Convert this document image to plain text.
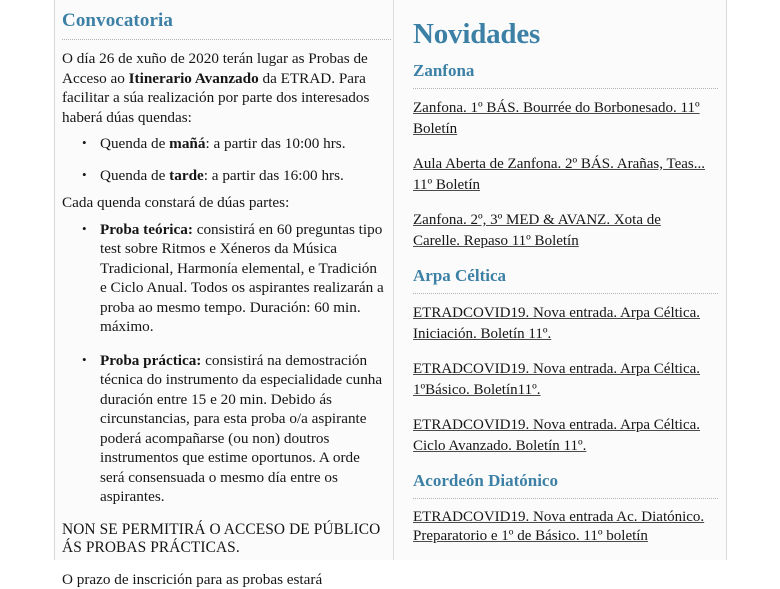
Convocatoria

O día 26 de xuño de 2020 terán lugar as Probas de Acceso ao Itinerario Avanzado da ETRAD. Para facilitar a súa realización por parte dos interesados haberá dúas quendas:

• Quenda de mañá: a partir das 10:00 hrs.
• Quenda de tarde: a partir das 16:00 hrs.

Cada quenda constará de dúas partes:

• Proba teórica: consistirá en 60 preguntas tipo test sobre Ritmos e Xéneros da Música Tradicional, Harmonía elemental, e Tradición e Ciclo Anual. Todos os aspirantes realizarán a proba ao mesmo tempo. Duración: 60 min. máximo.
• Proba práctica: consistirá na demostración técnica do instrumento da especialidade cunha duración entre 15 e 20 min. Debido ás circunstancias, para esta proba o/a aspirante poderá acompañarse (ou non) doutros instrumentos que estime oportunos. A orde será consensuada o mesmo día entre os aspirantes.

NON SE PERMITIRÁ O ACCESO DE PÚBLICO ÁS PROBAS PRÁCTICAS.

O prazo de inscrición para as probas estará

Novidades
Zanfona
Zanfona. 1º BÁS. Bourrée do Borbonesado. 11º Boletín
Aula Aberta de Zanfona. 2º BÁS. Arañas, Teas... 11º Boletín
Zanfona. 2º, 3º MED & AVANZ. Xota de Carelle. Repaso 11º Boletín
Arpa Céltica
ETRADCOVID19. Nova entrada. Arpa Céltica. Iniciación. Boletín 11º.
ETRADCOVID19. Nova entrada. Arpa Céltica. 1ºBásico. Boletín11º.
ETRADCOVID19. Nova entrada. Arpa Céltica. Ciclo Avanzado. Boletín 11º.
Acordeón Diatónico
ETRADCOVID19. Nova entrada Ac. Diatónico. Preparatorio e 1º de Básico. 11º boletín
